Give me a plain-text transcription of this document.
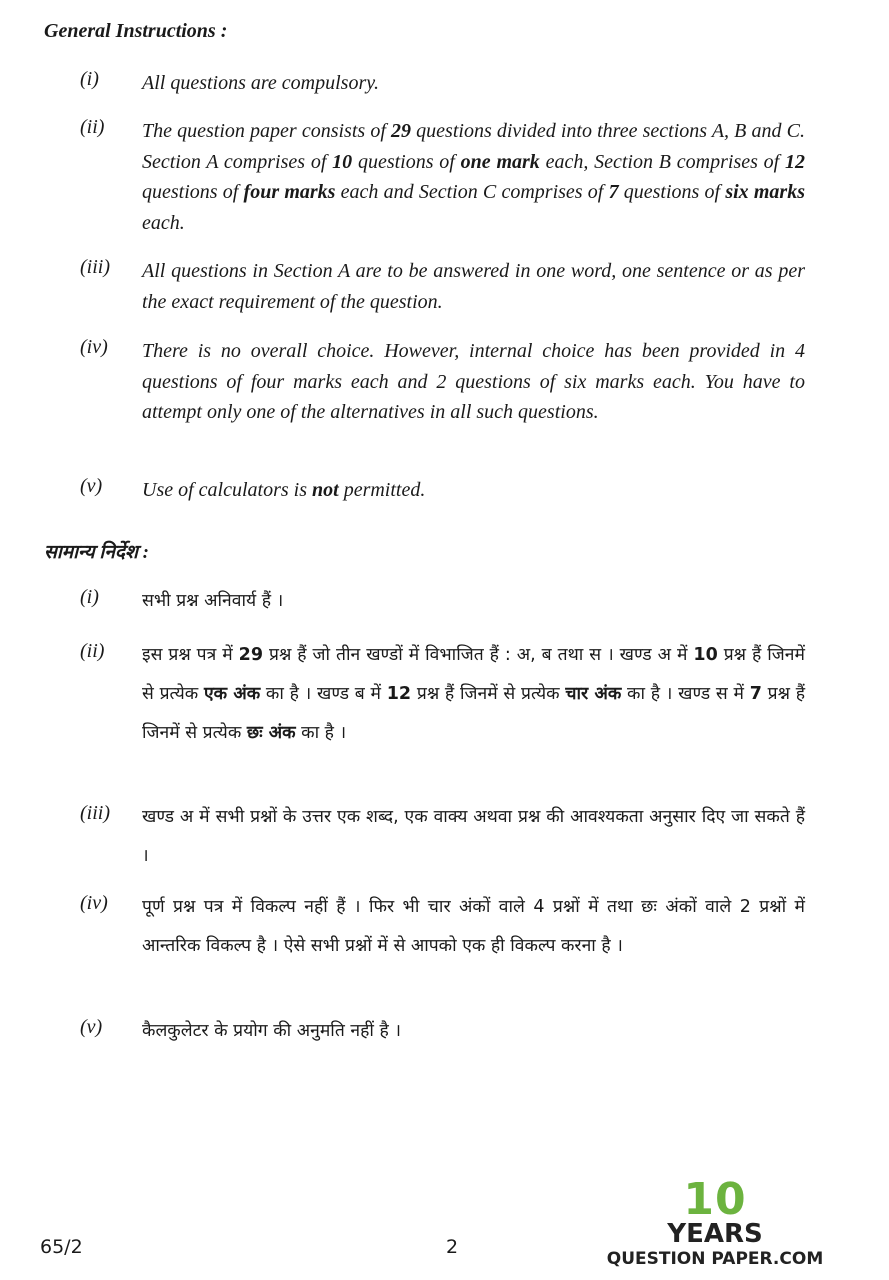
General Instructions :
(i)	All questions are compulsory.
(ii)	The question paper consists of 29 questions divided into three sections A, B and C. Section A comprises of 10 questions of one mark each, Section B comprises of 12 questions of four marks each and Section C comprises of 7 questions of six marks each.
(iii)	All questions in Section A are to be answered in one word, one sentence or as per the exact requirement of the question.
(iv)	There is no overall choice. However, internal choice has been provided in 4 questions of four marks each and 2 questions of six marks each. You have to attempt only one of the alternatives in all such questions.
(v)	Use of calculators is not permitted.
सामान्य निर्देश :
(i)	सभी प्रश्न अनिवार्य हैं ।
(ii)	इस प्रश्न पत्र में 29 प्रश्न हैं जो तीन खण्डों में विभाजित हैं : अ, ब तथा स । खण्ड अ में 10 प्रश्न हैं जिनमें से प्रत्येक एक अंक का है । खण्ड ब में 12 प्रश्न हैं जिनमें से प्रत्येक चार अंक का है । खण्ड स में 7 प्रश्न हैं जिनमें से प्रत्येक छः अंक का है ।
(iii)	खण्ड अ में सभी प्रश्नों के उत्तर एक शब्द, एक वाक्य अथवा प्रश्न की आवश्यकता अनुसार दिए जा सकते हैं ।
(iv)	पूर्ण प्रश्न पत्र में विकल्प नहीं हैं । फिर भी चार अंकों वाले 4 प्रश्नों में तथा छः अंकों वाले 2 प्रश्नों में आन्तरिक विकल्प है । ऐसे सभी प्रश्नों में से आपको एक ही विकल्प करना है ।
(v)	कैलकुलेटर के प्रयोग की अनुमति नहीं है ।
65/2	2
10
YEARS
QUESTION PAPER.COM
